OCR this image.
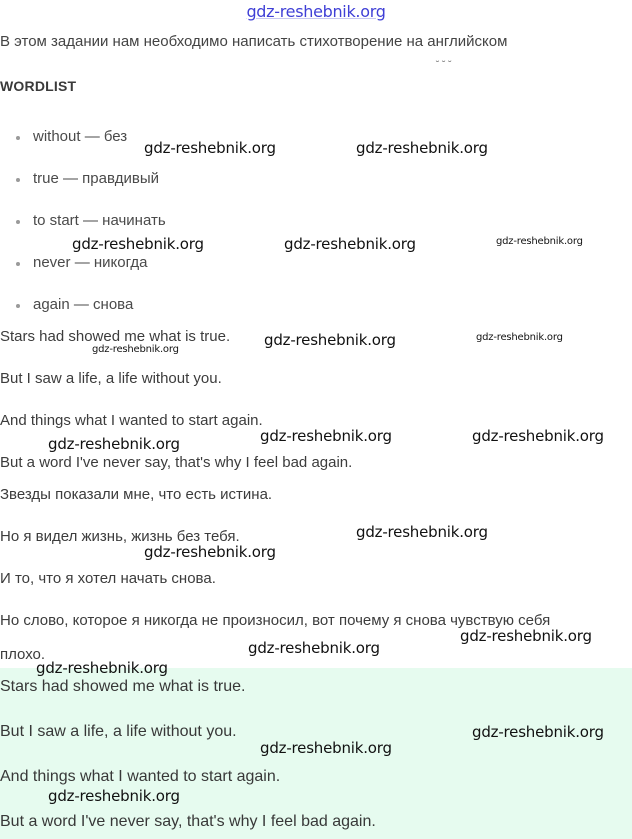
gdz-reshebnik.org
В этом задании нам необходимо написать стихотворение на английском
˘ ˘ ˘
WORDLIST
without — без
true — правдивый
to start — начинать
never — никогда
again — снова
Stars had showed me what is true.
But I saw a life, a life without you.
And things what I wanted to start again.
But a word I've never say, that's why I feel bad again.
Звезды показали мне, что есть истина.
Но я видел жизнь, жизнь без тебя.
И то, что я хотел начать снова.
Но слово, которое я никогда не произносил, вот почему я снова чувствую себя
плохо.
Stars had showed me what is true.
But I saw a life, a life without you.
And things what I wanted to start again.
But a word I've never say, that's why I feel bad again.
gdz-reshebnik.org	gdz-reshebnik.org
gdz-reshebnik.org	gdz-reshebnik.org	gdz-reshebnik.org
gdz-reshebnik.org	gdz-reshebnik.org
gdz-reshebnik.org
gdz-reshebnik.org	gdz-reshebnik.org
gdz-reshebnik.org
gdz-reshebnik.org
gdz-reshebnik.org
gdz-reshebnik.org
gdz-reshebnik.org
gdz-reshebnik.org
gdz-reshebnik.org
gdz-reshebnik.org
gdz-reshebnik.org
